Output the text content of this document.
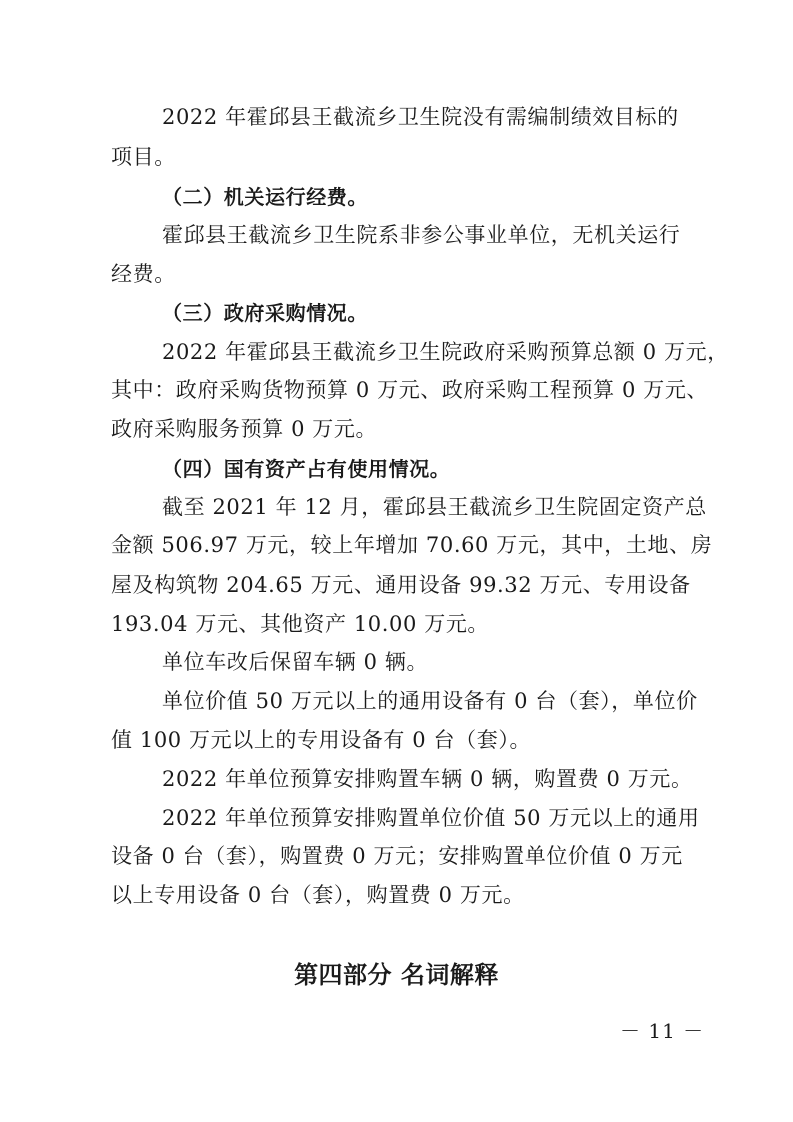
2022 年霍邱县王截流乡卫生院没有需编制绩效目标的
项目。
（二）机关运行经费。
霍邱县王截流乡卫生院系非参公事业单位，无机关运行
经费。
（三）政府采购情况。
2022 年霍邱县王截流乡卫生院政府采购预算总额 0 万元，
其中：政府采购货物预算 0 万元、政府采购工程预算 0 万元、
政府采购服务预算 0 万元。
（四）国有资产占有使用情况。
截至 2021 年 12 月，霍邱县王截流乡卫生院固定资产总
金额 506.97 万元，较上年增加 70.60 万元，其中，土地、房
屋及构筑物 204.65 万元、通用设备 99.32 万元、专用设备
193.04 万元、其他资产 10.00 万元。
单位车改后保留车辆 0 辆。
单位价值 50 万元以上的通用设备有 0 台（套），单位价
值 100 万元以上的专用设备有 0 台（套）。
2022 年单位预算安排购置车辆 0 辆，购置费 0 万元。
2022 年单位预算安排购置单位价值 50 万元以上的通用
设备 0 台（套），购置费 0 万元；安排购置单位价值 0 万元
以上专用设备 0 台（套），购置费 0 万元。
第四部分 名词解释
－ 11 －
